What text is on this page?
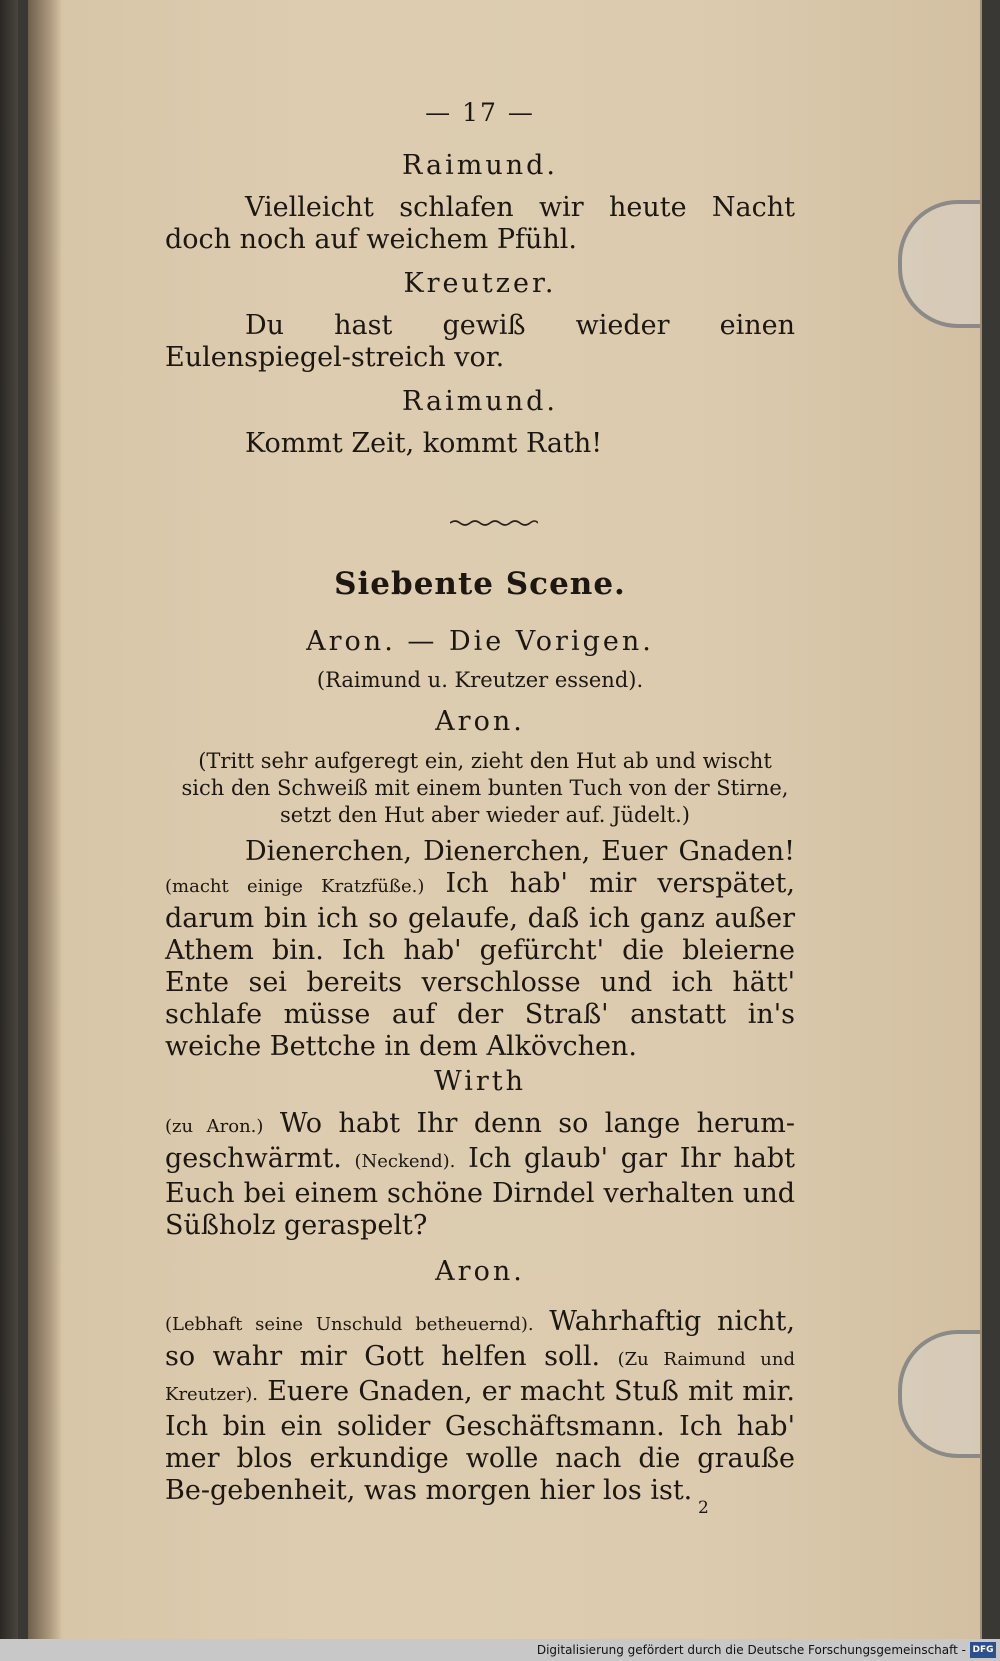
— 17 —
Raimund.
Vielleicht schlafen wir heute Nacht doch noch auf weichem Pfühl.
Kreutzer.
Du hast gewiß wieder einen Eulenspiegel-streich vor.
Raimund.
Kommt Zeit, kommt Rath!
Siebente Scene.
Aron. — Die Vorigen.
(Raimund u. Kreutzer essend).
Aron.
(Tritt sehr aufgeregt ein, zieht den Hut ab und wischt sich den Schweiß mit einem bunten Tuch von der Stirne, setzt den Hut aber wieder auf. Jüdelt.)
Dienerchen, Dienerchen, Euer Gnaden! (macht einige Kratzfüße.) Ich hab' mir verspätet, darum bin ich so gelaufe, daß ich ganz außer Athem bin. Ich hab' gefürcht' die bleierne Ente sei bereits verschlosse und ich hätt' schlafe müsse auf der Straß' anstatt in's weiche Bettche in dem Alkövchen.
Wirth
(zu Aron.) Wo habt Ihr denn so lange herum-geschwärmt. (Neckend). Ich glaub' gar Ihr habt Euch bei einem schöne Dirndel verhalten und Süßholz geraspelt?
Aron.
(Lebhaft seine Unschuld betheuernd). Wahrhaftig nicht, so wahr mir Gott helfen soll. (Zu Raimund und Kreutzer). Euere Gnaden, er macht Stuß mit mir. Ich bin ein solider Geschäftsmann. Ich hab' mer blos erkundige wolle nach die grauße Be-gebenheit, was morgen hier los ist.
2
Digitalisierung gefördert durch die Deutsche Forschungsgemeinschaft - DFG
